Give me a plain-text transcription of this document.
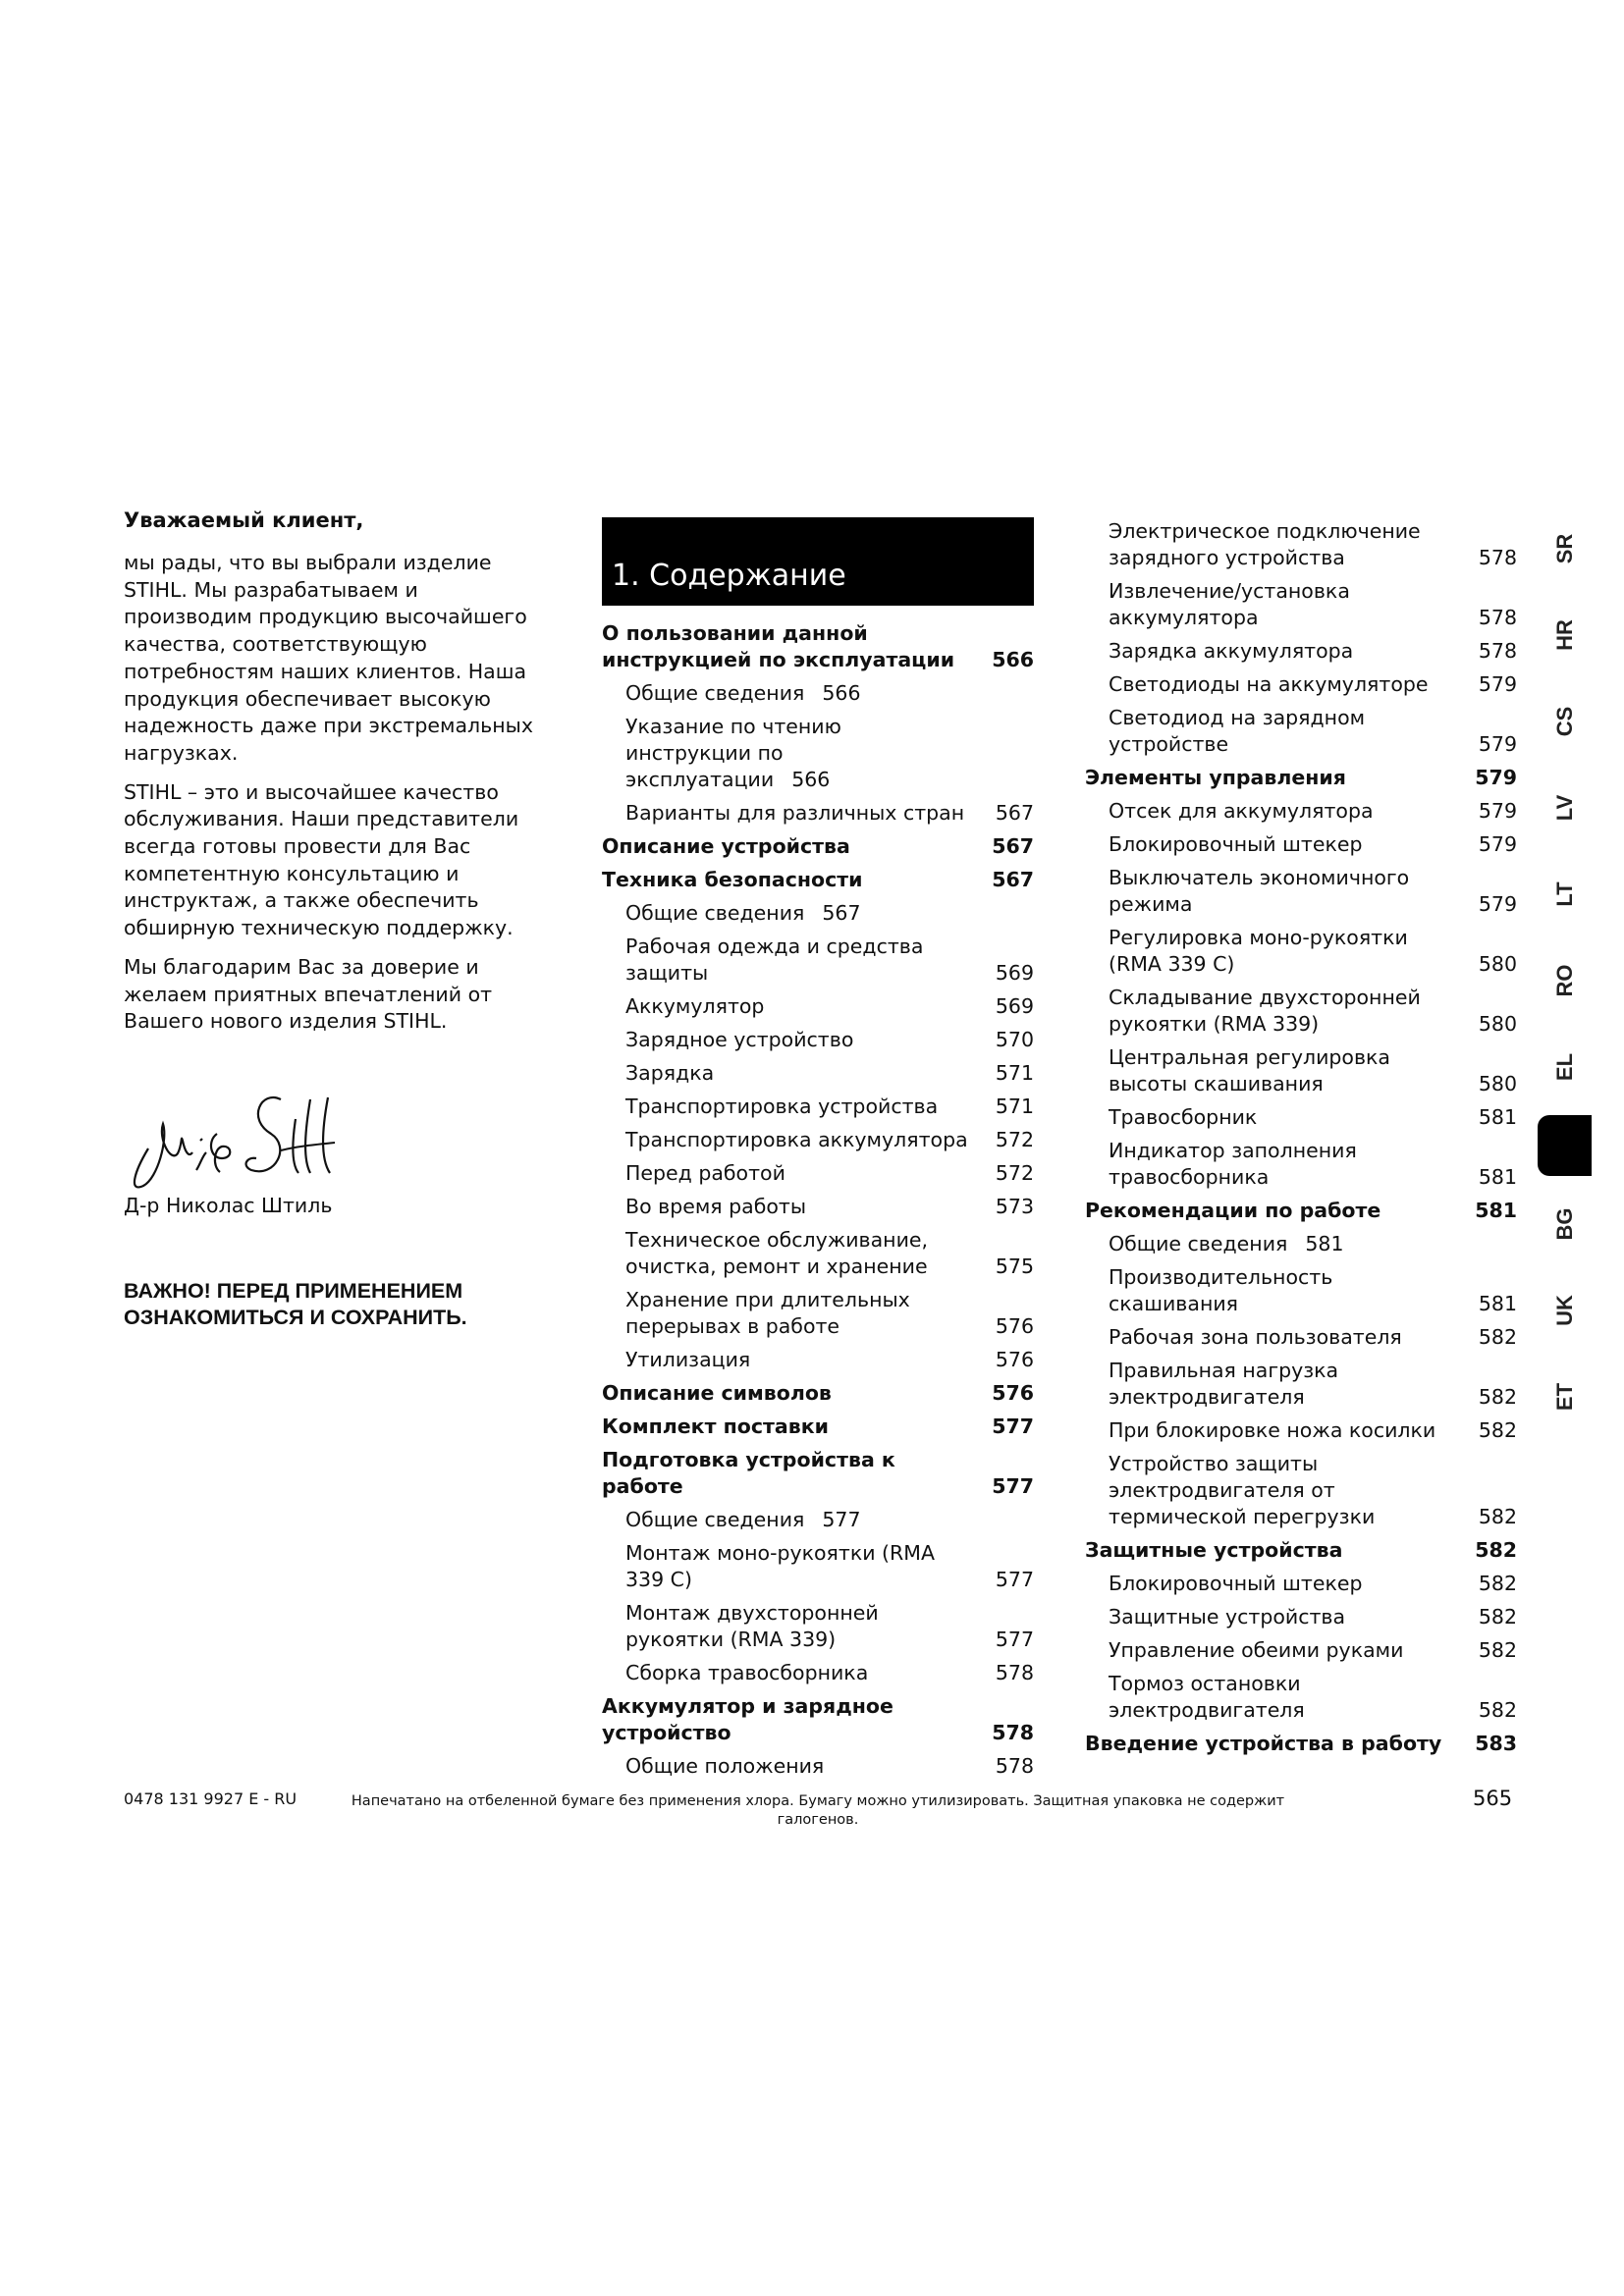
Уважаемый клиент,

мы рады, что вы выбрали изделие STIHL. Мы разрабатываем и производим продукцию высочайшего качества, соответствующую потребностям наших клиентов. Наша продукция обеспечивает высокую надежность даже при экстремальных нагрузках.

STIHL – это и высочайшее качество обслуживания. Наши представители всегда готовы провести для Вас компетентную консультацию и инструктаж, а также обеспечить обширную техническую поддержку.

Мы благодарим Вас за доверие и желаем приятных впечатлений от Вашего нового изделия STIHL.

Д-р Николас Штиль
ВАЖНО! ПЕРЕД ПРИМЕНЕНИЕМ ОЗНАКОМИТЬСЯ И СОХРАНИТЬ.
1. Содержание
О пользовании данной инструкцией по эксплуатации	566
Общие сведения 566
Указание по чтению инструкции по эксплуатации 566
Варианты для различных стран 567
Описание устройства	567
Техника безопасности	567
Общие сведения 567
Рабочая одежда и средства защиты	569
Аккумулятор	569
Зарядное устройство	570
Зарядка	571
Транспортировка устройства	571
Транспортировка аккумулятора 572
Перед работой	572
Во время работы	573
Техническое обслуживание, очистка, ремонт и хранение	575
Хранение при длительных перерывах в работе	576
Утилизация	576
Описание символов	576
Комплект поставки	577
Подготовка устройства к работе	577
Общие сведения 577
Монтаж моно-рукоятки (RMA 339 C)	577
Монтаж двухсторонней рукоятки (RMA 339)	577
Сборка травосборника	578
Аккумулятор и зарядное устройство	578
Общие положения	578
Электрическое подключение зарядного устройства	578
Извлечение/установка аккумулятора	578
Зарядка аккумулятора	578
Светодиоды на аккумуляторе	579
Светодиод на зарядном устройстве	579
Элементы управления	579
Отсек для аккумулятора	579
Блокировочный штекер	579
Выключатель экономичного режима	579
Регулировка моно-рукоятки (RMA 339 C)	580
Складывание двухсторонней рукоятки (RMA 339)	580
Центральная регулировка высоты скашивания	580
Травосборник	581
Индикатор заполнения травосборника	581
Рекомендации по работе	581
Общие сведения 581
Производительность скашивания	581
Рабочая зона пользователя	582
Правильная нагрузка электродвигателя	582
При блокировке ножа косилки	582
Устройство защиты электродвигателя от термической перегрузки	582
Защитные устройства	582
Блокировочный штекер	582
Защитные устройства	582
Управление обеими руками	582
Тормоз остановки электродвигателя	582
Введение устройства в работу	583
SR
HR
CS
LV
LT
RO
EL
BG
UK
ET
0478 131 9927 E - RU	Напечатано на отбеленной бумаге без применения хлора. Бумагу можно утилизировать. Защитная упаковка не содержит галогенов.
565
